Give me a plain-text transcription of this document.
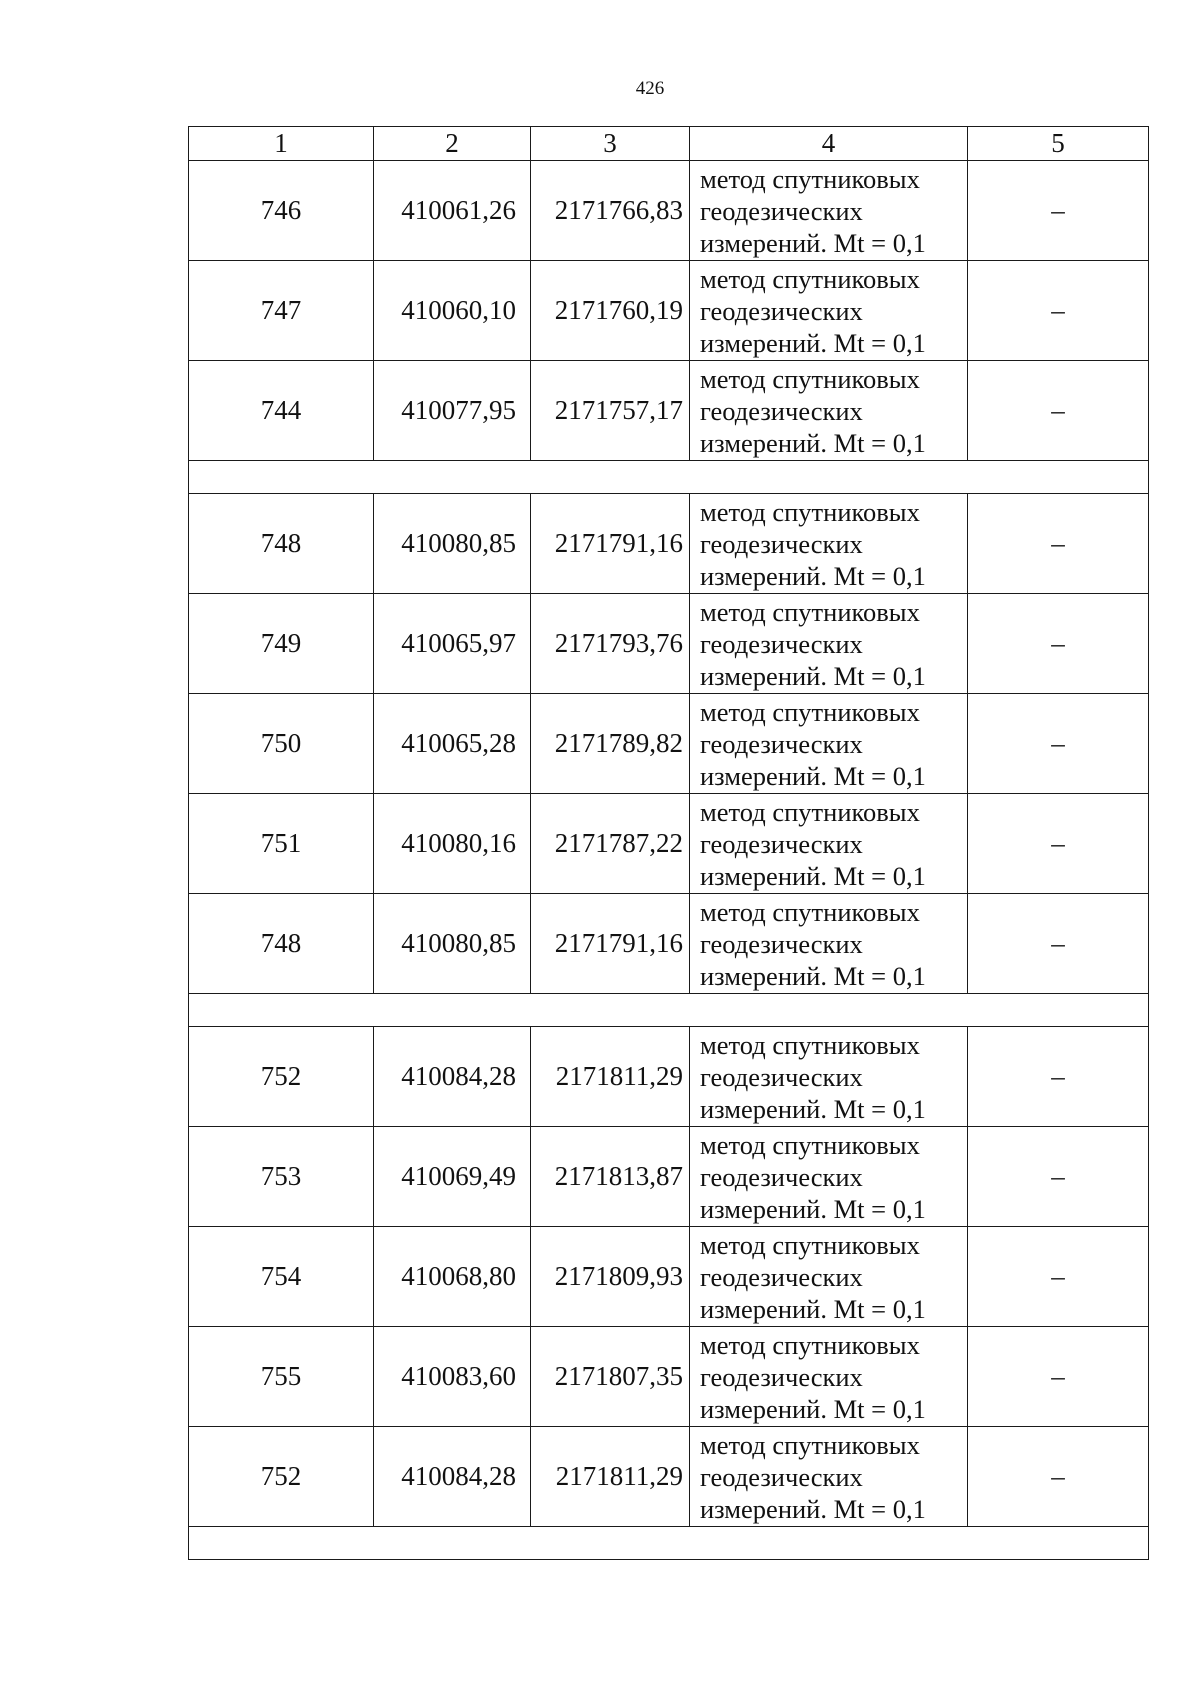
426
1	2	3	4	5
746	410061,26	2171766,83	метод спутниковых
геодезических
измерений. Mt = 0,1	–
747	410060,10	2171760,19	метод спутниковых
геодезических
измерений. Mt = 0,1	–
744	410077,95	2171757,17	метод спутниковых
геодезических
измерений. Mt = 0,1	–

748	410080,85	2171791,16	метод спутниковых
геодезических
измерений. Mt = 0,1	–
749	410065,97	2171793,76	метод спутниковых
геодезических
измерений. Mt = 0,1	–
750	410065,28	2171789,82	метод спутниковых
геодезических
измерений. Mt = 0,1	–
751	410080,16	2171787,22	метод спутниковых
геодезических
измерений. Mt = 0,1	–
748	410080,85	2171791,16	метод спутниковых
геодезических
измерений. Mt = 0,1	–

752	410084,28	2171811,29	метод спутниковых
геодезических
измерений. Mt = 0,1	–
753	410069,49	2171813,87	метод спутниковых
геодезических
измерений. Mt = 0,1	–
754	410068,80	2171809,93	метод спутниковых
геодезических
измерений. Mt = 0,1	–
755	410083,60	2171807,35	метод спутниковых
геодезических
измерений. Mt = 0,1	–
752	410084,28	2171811,29	метод спутниковых
геодезических
измерений. Mt = 0,1	–
